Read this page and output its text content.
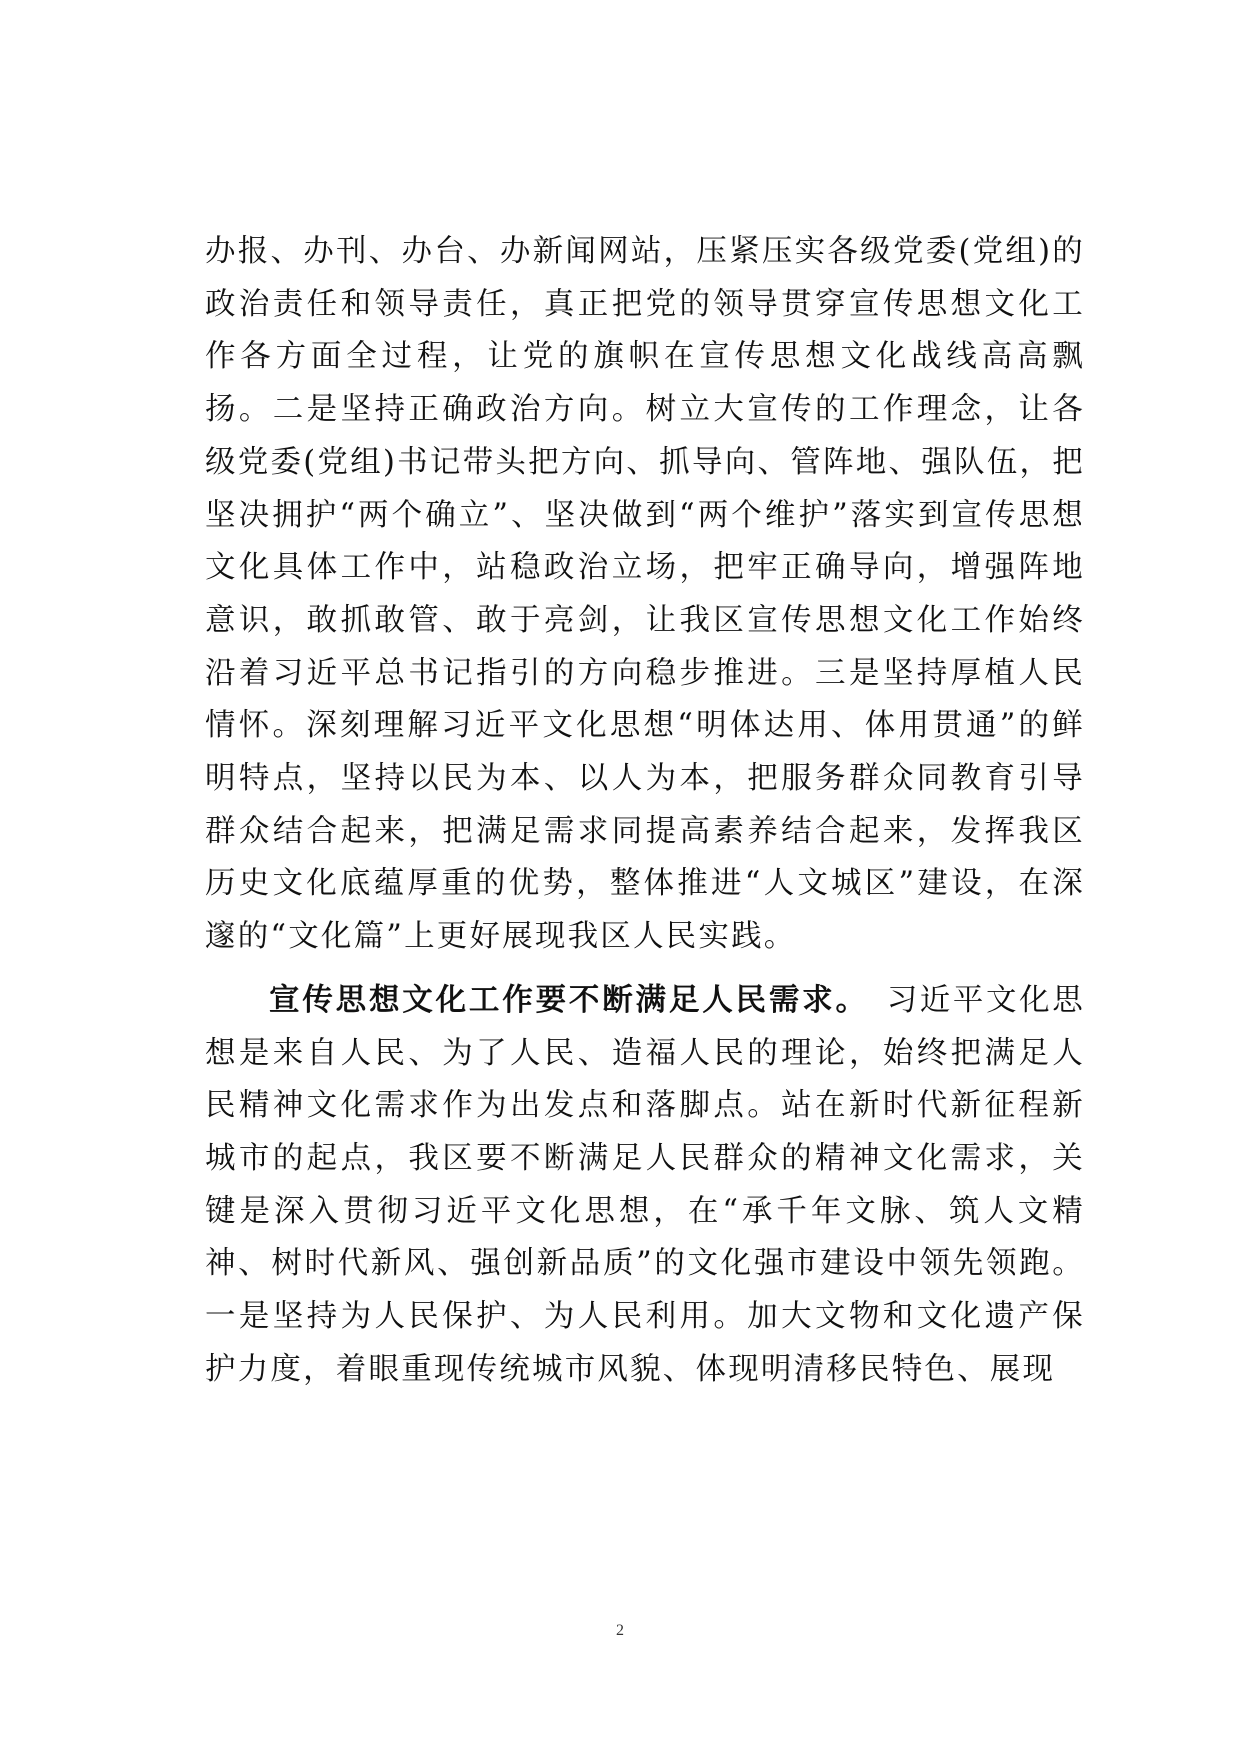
办报、办刊、办台、办新闻网站，压紧压实各级党委(党组)的政治责任和领导责任，真正把党的领导贯穿宣传思想文化工作各方面全过程，让党的旗帜在宣传思想文化战线高高飘扬。二是坚持正确政治方向。树立大宣传的工作理念，让各级党委(党组)书记带头把方向、抓导向、管阵地、强队伍，把坚决拥护“两个确立”、坚决做到“两个维护”落实到宣传思想文化具体工作中，站稳政治立场，把牢正确导向，增强阵地意识，敢抓敢管、敢于亮剑，让我区宣传思想文化工作始终沿着习近平总书记指引的方向稳步推进。三是坚持厚植人民情怀。深刻理解习近平文化思想“明体达用、体用贯通”的鲜明特点，坚持以民为本、以人为本，把服务群众同教育引导群众结合起来，把满足需求同提高素养结合起来，发挥我区历史文化底蕴厚重的优势，整体推进“人文城区”建设，在深邃的“文化篇”上更好展现我区人民实践。

宣传思想文化工作要不断满足人民需求。　 习近平文化思想是来自人民、为了人民、造福人民的理论，始终把满足人民精神文化需求作为出发点和落脚点。站在新时代新征程新城市的起点，我区要不断满足人民群众的精神文化需求，关键是深入贯彻习近平文化思想，在“承千年文脉、筑人文精神、树时代新风、强创新品质”的文化强市建设中领先领跑。一是坚持为人民保护、为人民利用。加大文物和文化遗产保护力度，着眼重现传统城市风貌、体现明清移民特色、展现

2
